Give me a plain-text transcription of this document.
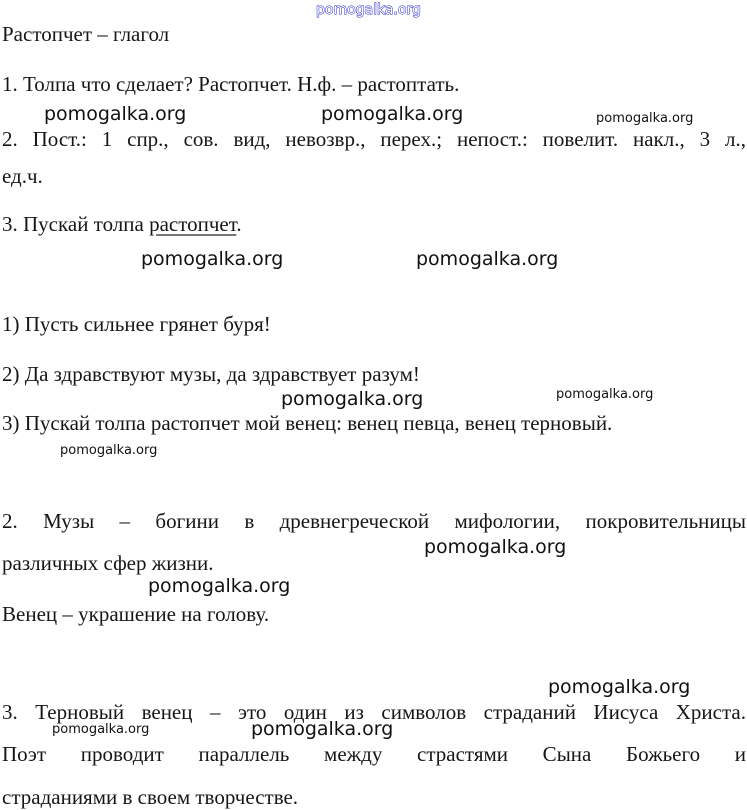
pomogalka.org

Растопчет – глагол

1. Толпа что сделает? Растопчет. Н.ф. – растоптать.

2. Пост.: 1 спр., сов. вид, невозвр., перех.; непост.: повелит. накл., 3 л.,

ед.ч.

3. Пускай толпа растопчет.

1) Пусть сильнее грянет буря!

2) Да здравствуют музы, да здравствует разум!

3) Пускай толпа растопчет мой венец: венец певца, венец терновый.

2. Музы – богини в древнегреческой мифологии, покровительницы

различных сфер жизни.

Венец – украшение на голову.

3. Терновый венец – это один из символов страданий Иисуса Христа.

Поэт проводит параллель между страстями Сына Божьего и

страданиями в своем творчестве.

pomogalka.org	pomogalka.org	pomogalka.org
pomogalka.org	pomogalka.org
pomogalka.org
pomogalka.org
pomogalka.org
pomogalka.org
pomogalka.org
pomogalka.org
pomogalka.org
pomogalka.org
